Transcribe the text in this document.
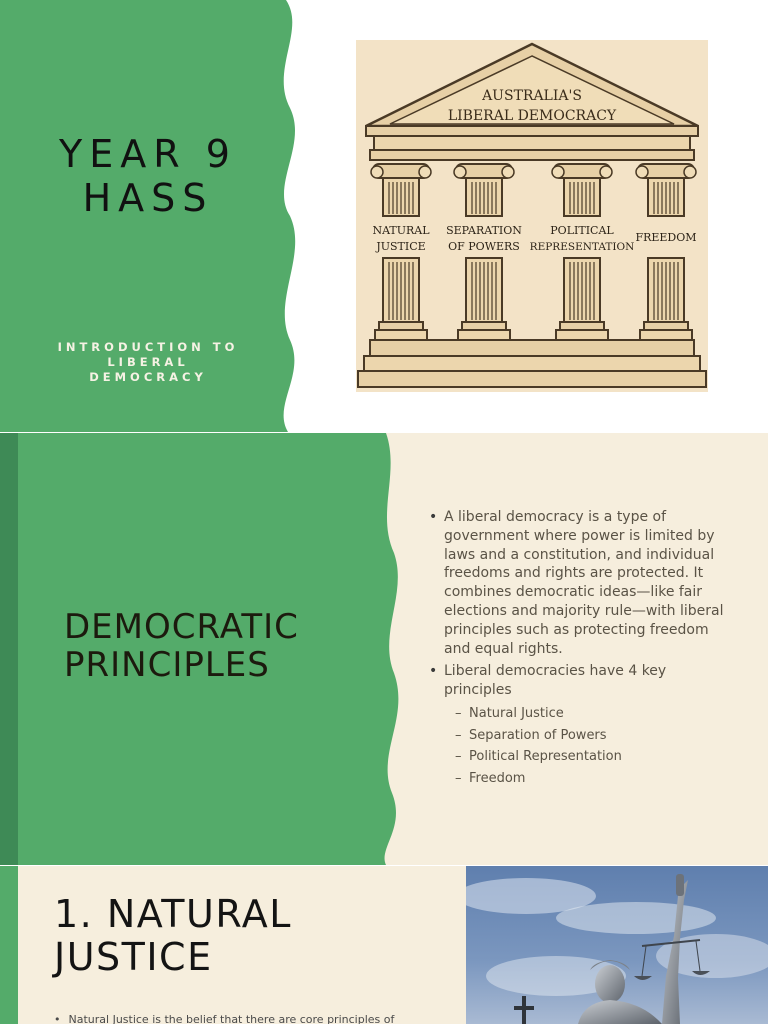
YEAR 9
HASS

INTRODUCTION TO
LIBERAL
DEMOCRACY

AUSTRALIA'S
LIBERAL DEMOCRACY
NATURAL
JUSTICE
SEPARATION
OF POWERS
POLITICAL
REPRESENTATION
FREEDOM
DEMOCRATIC
PRINCIPLES
• A liberal democracy is a type of government where power is limited by laws and a constitution, and individual freedoms and rights are protected. It combines democratic ideas—like fair elections and majority rule—with liberal principles such as protecting freedom and equal rights.
• Liberal democracies have 4 key principles
– Natural Justice
– Separation of Powers
– Political Representation
– Freedom
1. NATURAL
JUSTICE

• Natural Justice is the belief that there are core principles of
